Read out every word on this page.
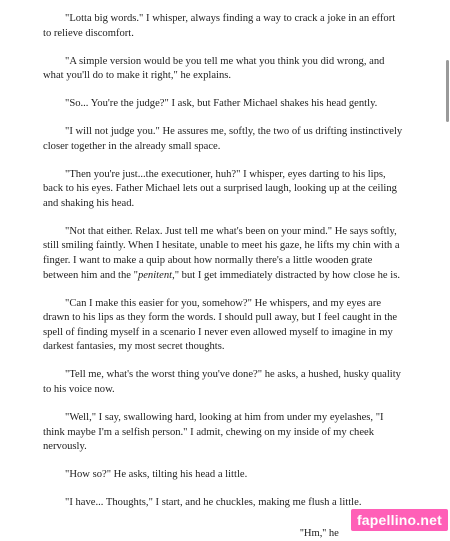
"Lotta big words." I whisper, always finding a way to crack a joke in an effort to relieve discomfort.

"A simple version would be you tell me what you think you did wrong, and what you'll do to make it right," he explains.

"So... You're the judge?" I ask, but Father Michael shakes his head gently.

"I will not judge you." He assures me, softly, the two of us drifting instinctively closer together in the already small space.

"Then you're just...the executioner, huh?" I whisper, eyes darting to his lips, back to his eyes. Father Michael lets out a surprised laugh, looking up at the ceiling and shaking his head.

"Not that either. Relax. Just tell me what's been on your mind." He says softly, still smiling faintly. When I hesitate, unable to meet his gaze, he lifts my chin with a finger. I want to make a quip about how normally there's a little wooden grate between him and the "penitent," but I get immediately distracted by how close he is.

"Can I make this easier for you, somehow?" He whispers, and my eyes are drawn to his lips as they form the words. I should pull away, but I feel caught in the spell of finding myself in a scenario I never even allowed myself to imagine in my darkest fantasies, my most secret thoughts.

"Tell me, what's the worst thing you've done?" he asks, a hushed, husky quality to his voice now.

"Well," I say, swallowing hard, looking at him from under my eyelashes, "I think maybe I'm a selfish person." I admit, chewing on my inside of my cheek nervously.

"How so?" He asks, tilting his head a little.

"I have... Thoughts," I start, and he chuckles, making me flush a little.

''Hm,'' he
fapellino.net
